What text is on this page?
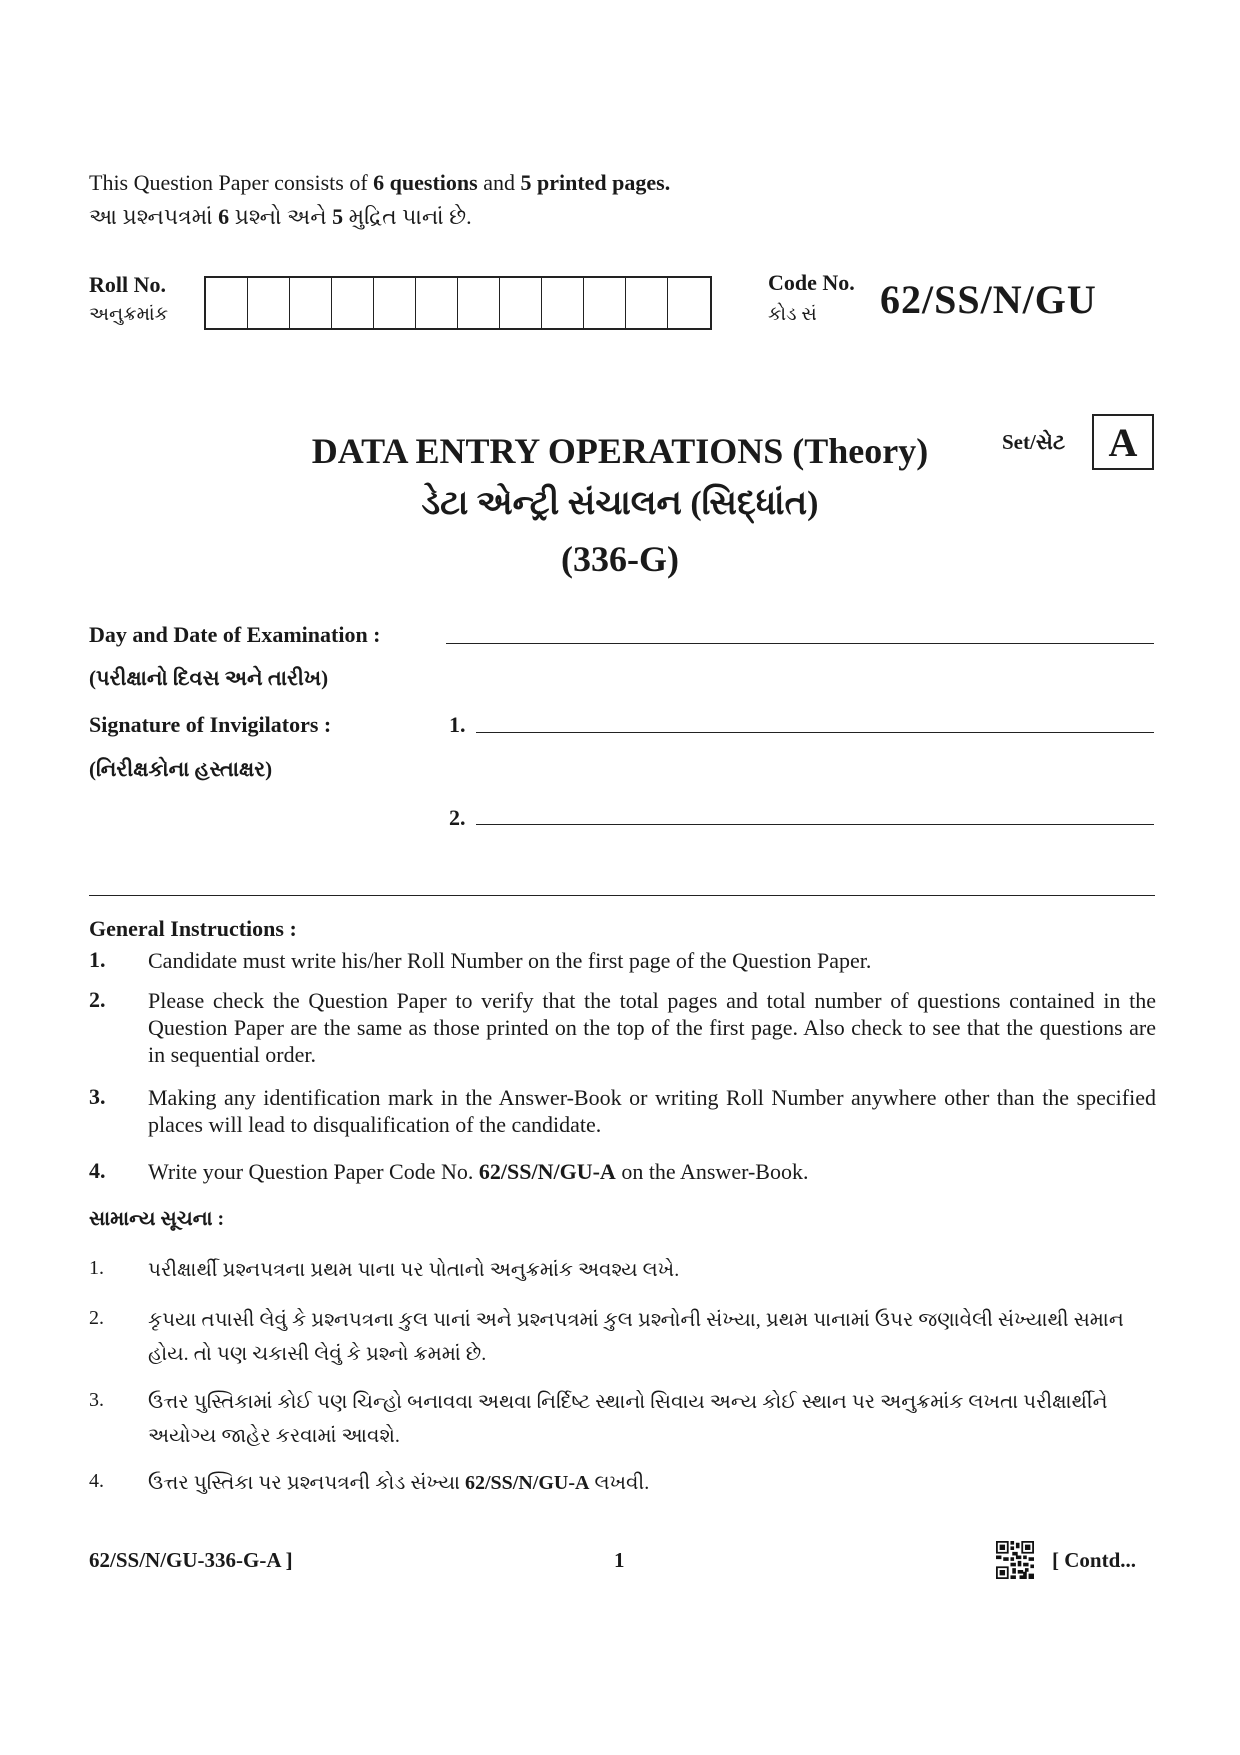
This Question Paper consists of 6 questions and 5 printed pages.
આ પ્રશ્નપત્રમાં 6 પ્રશ્નો અને 5 મુદ્રિત પાનાં છે.
Roll No.
અનુક્રમાંક
Code No.
કોડ સં 62/SS/N/GU
Set/સેટ	A
DATA ENTRY OPERATIONS (Theory)
ડેટા એન્ટ્રી સંચાલન (સિદ્ધાંત)
(336-G)
Day and Date of Examination :
(પરીક્ષાનો દિવસ અને તારીખ)
Signature of Invigilators :	1.
(નિરીક્ષકોના હસ્તાક્ષર)
2.
General Instructions :
1. Candidate must write his/her Roll Number on the first page of the Question Paper.
2. Please check the Question Paper to verify that the total pages and total number of questions contained in the Question Paper are the same as those printed on the top of the first page. Also check to see that the questions are in sequential order.
3. Making any identification mark in the Answer-Book or writing Roll Number anywhere other than the specified places will lead to disqualification of the candidate.
4. Write your Question Paper Code No. 62/SS/N/GU-A on the Answer-Book.
સામાન્ય સૂચના :
1. પરીક્ષાર્થી પ્રશ્નપત્રના પ્રથમ પાના પર પોતાનો અનુક્રમાંક અવશ્ય લખે.
2. કૃપયા તપાસી લેવું કે પ્રશ્નપત્રના કુલ પાનાં અને પ્રશ્નપત્રમાં કુલ પ્રશ્નોની સંખ્યા, પ્રથમ પાનામાં ઉપર જણાવેલી સંખ્યાથી સમાન હોય. તો પણ ચકાસી લેવું કે પ્રશ્નો ક્રમમાં છે.
3. ઉત્તર પુસ્તિકામાં કોઈ પણ ચિન્હો બનાવવા અથવા નિર્દિષ્ટ સ્થાનો સિવાય અન્ય કોઈ સ્થાન પર અનુક્રમાંક લખતા પરીક્ષાર્થીને અયોગ્ય જાહેર કરવામાં આવશે.
4. ઉત્તર પુસ્તિકા પર પ્રશ્નપત્રની કોડ સંખ્યા 62/SS/N/GU-A લખવી.
62/SS/N/GU-336-G-A ]	1	[ Contd...
